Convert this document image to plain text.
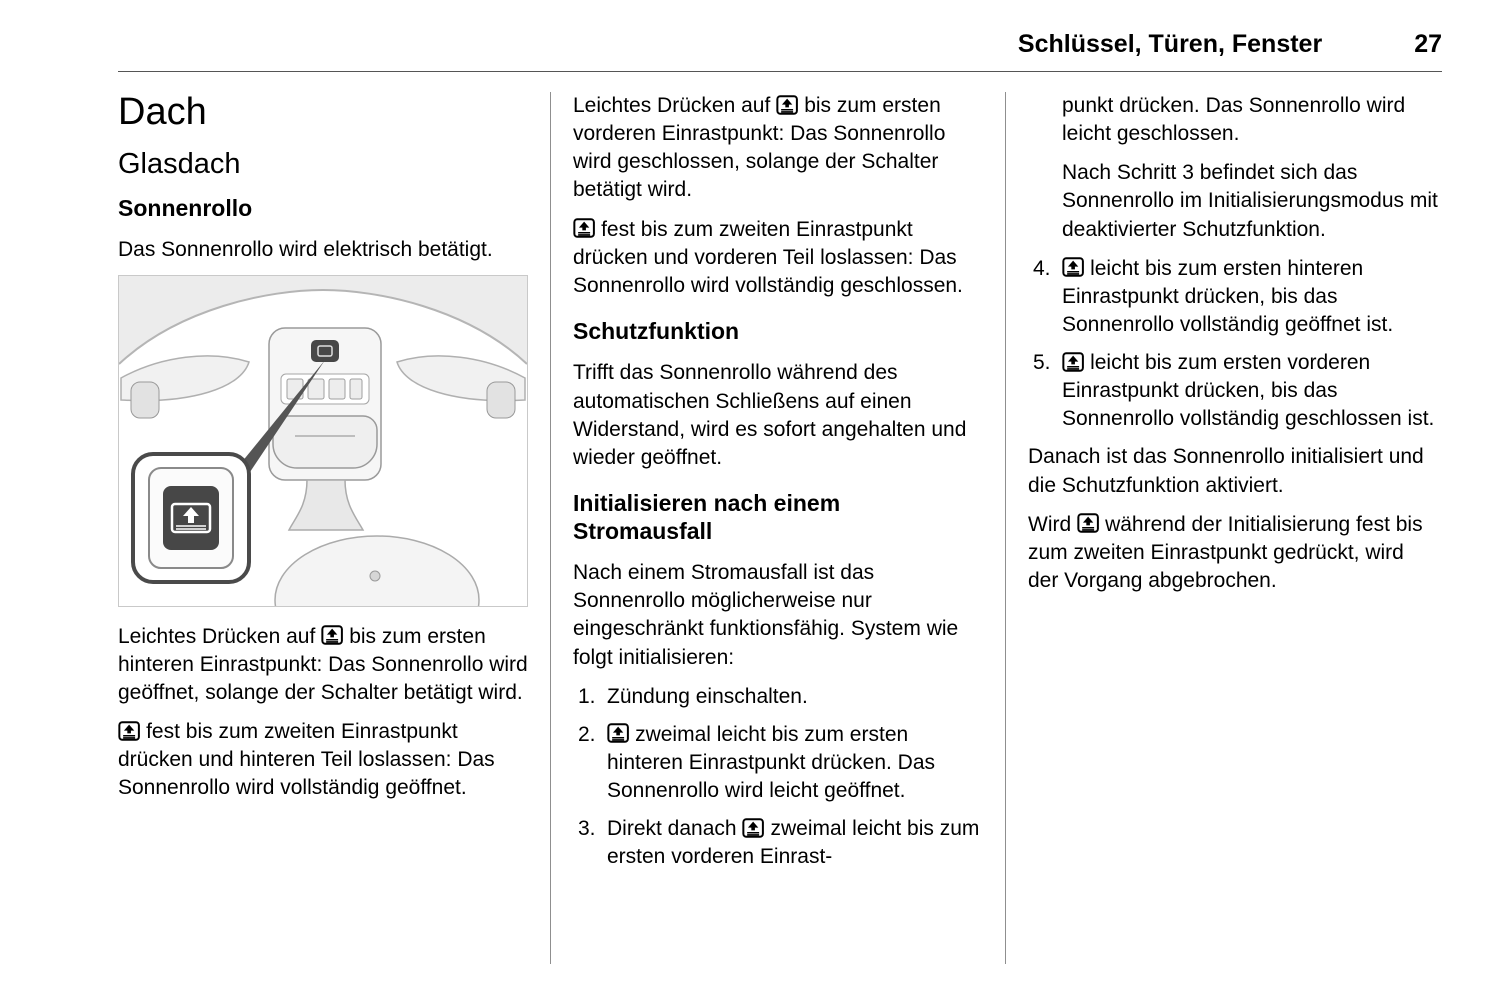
Schlüssel, Türen, Fenster	27
Dach
Glasdach
Sonnenrollo

Das Sonnenrollo wird elektrisch betätigt.

Leichtes Drücken auf
bis zum ersten hinteren Einrastpunkt: Das Sonnenrollo wird geöffnet, solange der Schalter betätigt wird.

fest bis zum zweiten Einrastpunkt drücken und hinteren Teil loslassen: Das Sonnenrollo wird vollständig geöffnet.

Leichtes Drücken auf
bis zum ersten vorderen Einrastpunkt: Das Sonnenrollo wird geschlossen, solange der Schalter betätigt wird.

fest bis zum zweiten Einrastpunkt drücken und vorderen Teil loslassen: Das Sonnenrollo wird vollständig geschlossen.

Schutzfunktion

Trifft das Sonnenrollo während des automatischen Schließens auf einen Widerstand, wird es sofort angehalten und wieder geöffnet.

Initialisieren nach einem Stromausfall

Nach einem Stromausfall ist das Sonnenrollo möglicherweise nur eingeschränkt funktionsfähig. System wie folgt initialisieren:

1. Zündung einschalten.
2.	zweimal leicht bis zum ersten hinteren Einrastpunkt drücken. Das Sonnenrollo wird leicht geöffnet.
3. Direkt danach
zweimal leicht bis zum ersten vorderen Einrast-

punkt drücken. Das Sonnenrollo wird leicht geschlossen.

Nach Schritt 3 befindet sich das Sonnenrollo im Initialisierungsmodus mit deaktivierter Schutzfunktion.

4.	leicht bis zum ersten hinteren Einrastpunkt drücken, bis das Sonnenrollo vollständig geöffnet ist.
5.	leicht bis zum ersten vorderen Einrastpunkt drücken, bis das Sonnenrollo vollständig geschlossen ist.

Danach ist das Sonnenrollo initialisiert und die Schutzfunktion aktiviert.

Wird
während der Initialisierung fest bis zum zweiten Einrastpunkt gedrückt, wird der Vorgang abgebrochen.
